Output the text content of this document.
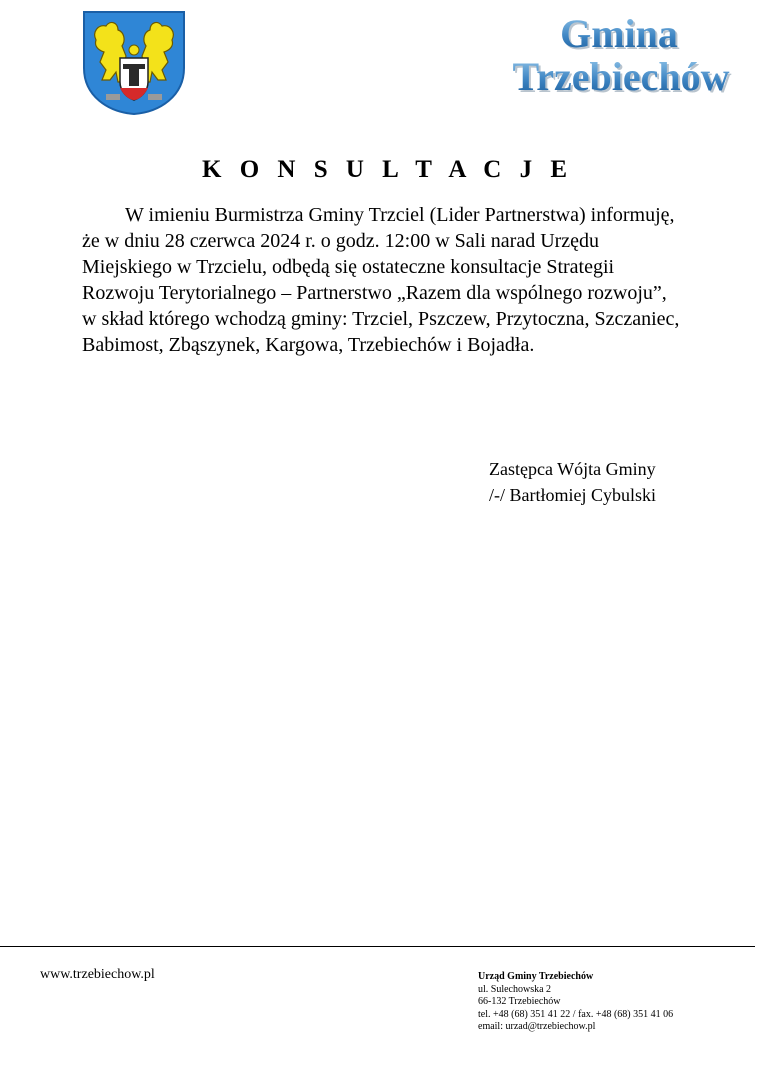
Gmina
Trzebiechów
K O N S U L T A C J E

W imieniu Burmistrza Gminy Trzciel (Lider Partnerstwa) informuję, że w dniu 28 czerwca 2024 r. o godz. 12:00 w Sali narad Urzędu Miejskiego w Trzcielu, odbędą się ostateczne konsultacje Strategii Rozwoju Terytorialnego – Partnerstwo „Razem dla wspólnego rozwoju”, w skład którego wchodzą gminy: Trzciel, Pszczew, Przytoczna, Szczaniec, Babimost, Zbąszynek, Kargowa, Trzebiechów i Bojadła.

Zastępca Wójta Gminy
/-/ Bartłomiej Cybulski
www.trzebiechow.pl	Urząd Gminy Trzebiechów
ul. Sulechowska 2
66-132 Trzebiechów
tel. +48 (68) 351 41 22 / fax. +48 (68) 351 41 06
email: urzad@trzebiechow.pl
